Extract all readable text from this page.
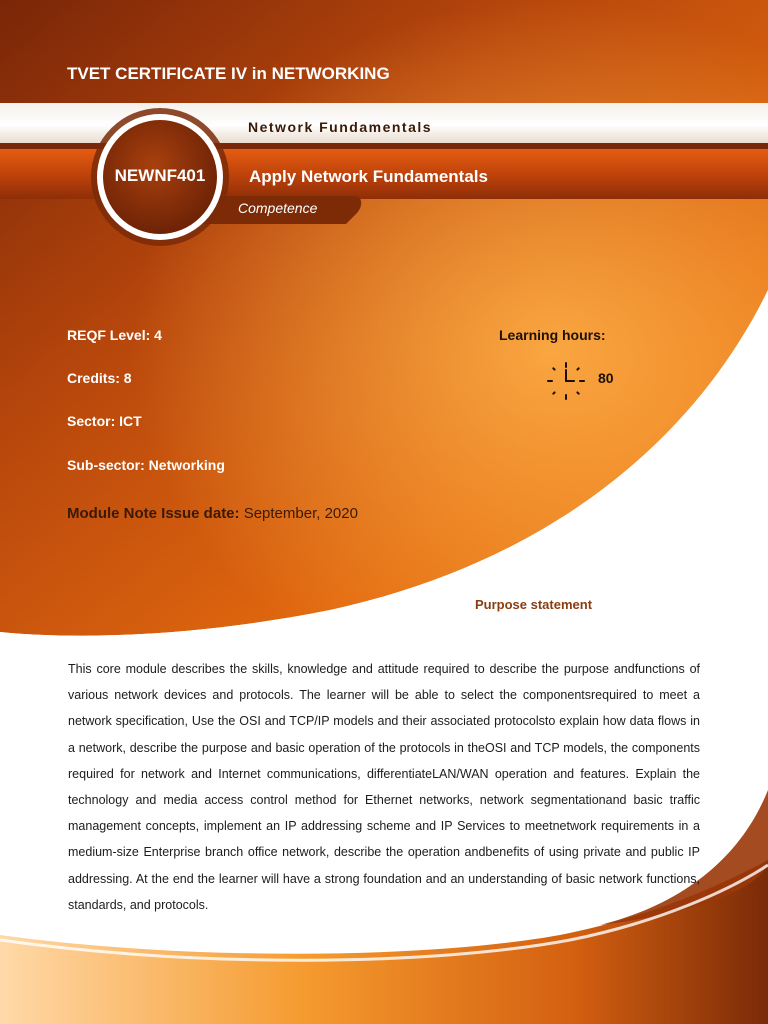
TVET CERTIFICATE IV in NETWORKING
Network Fundamentals
NEWNF401	Apply Network Fundamentals
Competence
REQF Level: 4
Credits: 8
Sector: ICT
Sub-sector: Networking
Learning hours:
80
Module Note Issue date: September, 2020
Purpose statement

This core module describes the skills, knowledge and attitude required to describe the purpose andfunctions of various network devices and protocols. The learner will be able to select the componentsrequired to meet a network specification, Use the OSI and TCP/IP models and their associated protocolsto explain how data flows in a network, describe the purpose and basic operation of the protocols in theOSI and TCP models, the components required for network and Internet communications, differentiateLAN/WAN operation and features. Explain the technology and media access control method for Ethernet networks, network segmentationand basic traffic management concepts, implement an IP addressing scheme and IP Services to meetnetwork requirements in a medium-size Enterprise branch office network, describe the operation andbenefits of using private and public IP addressing. At the end the learner will have a strong foundation and an understanding of basic network functions, standards, and protocols.
